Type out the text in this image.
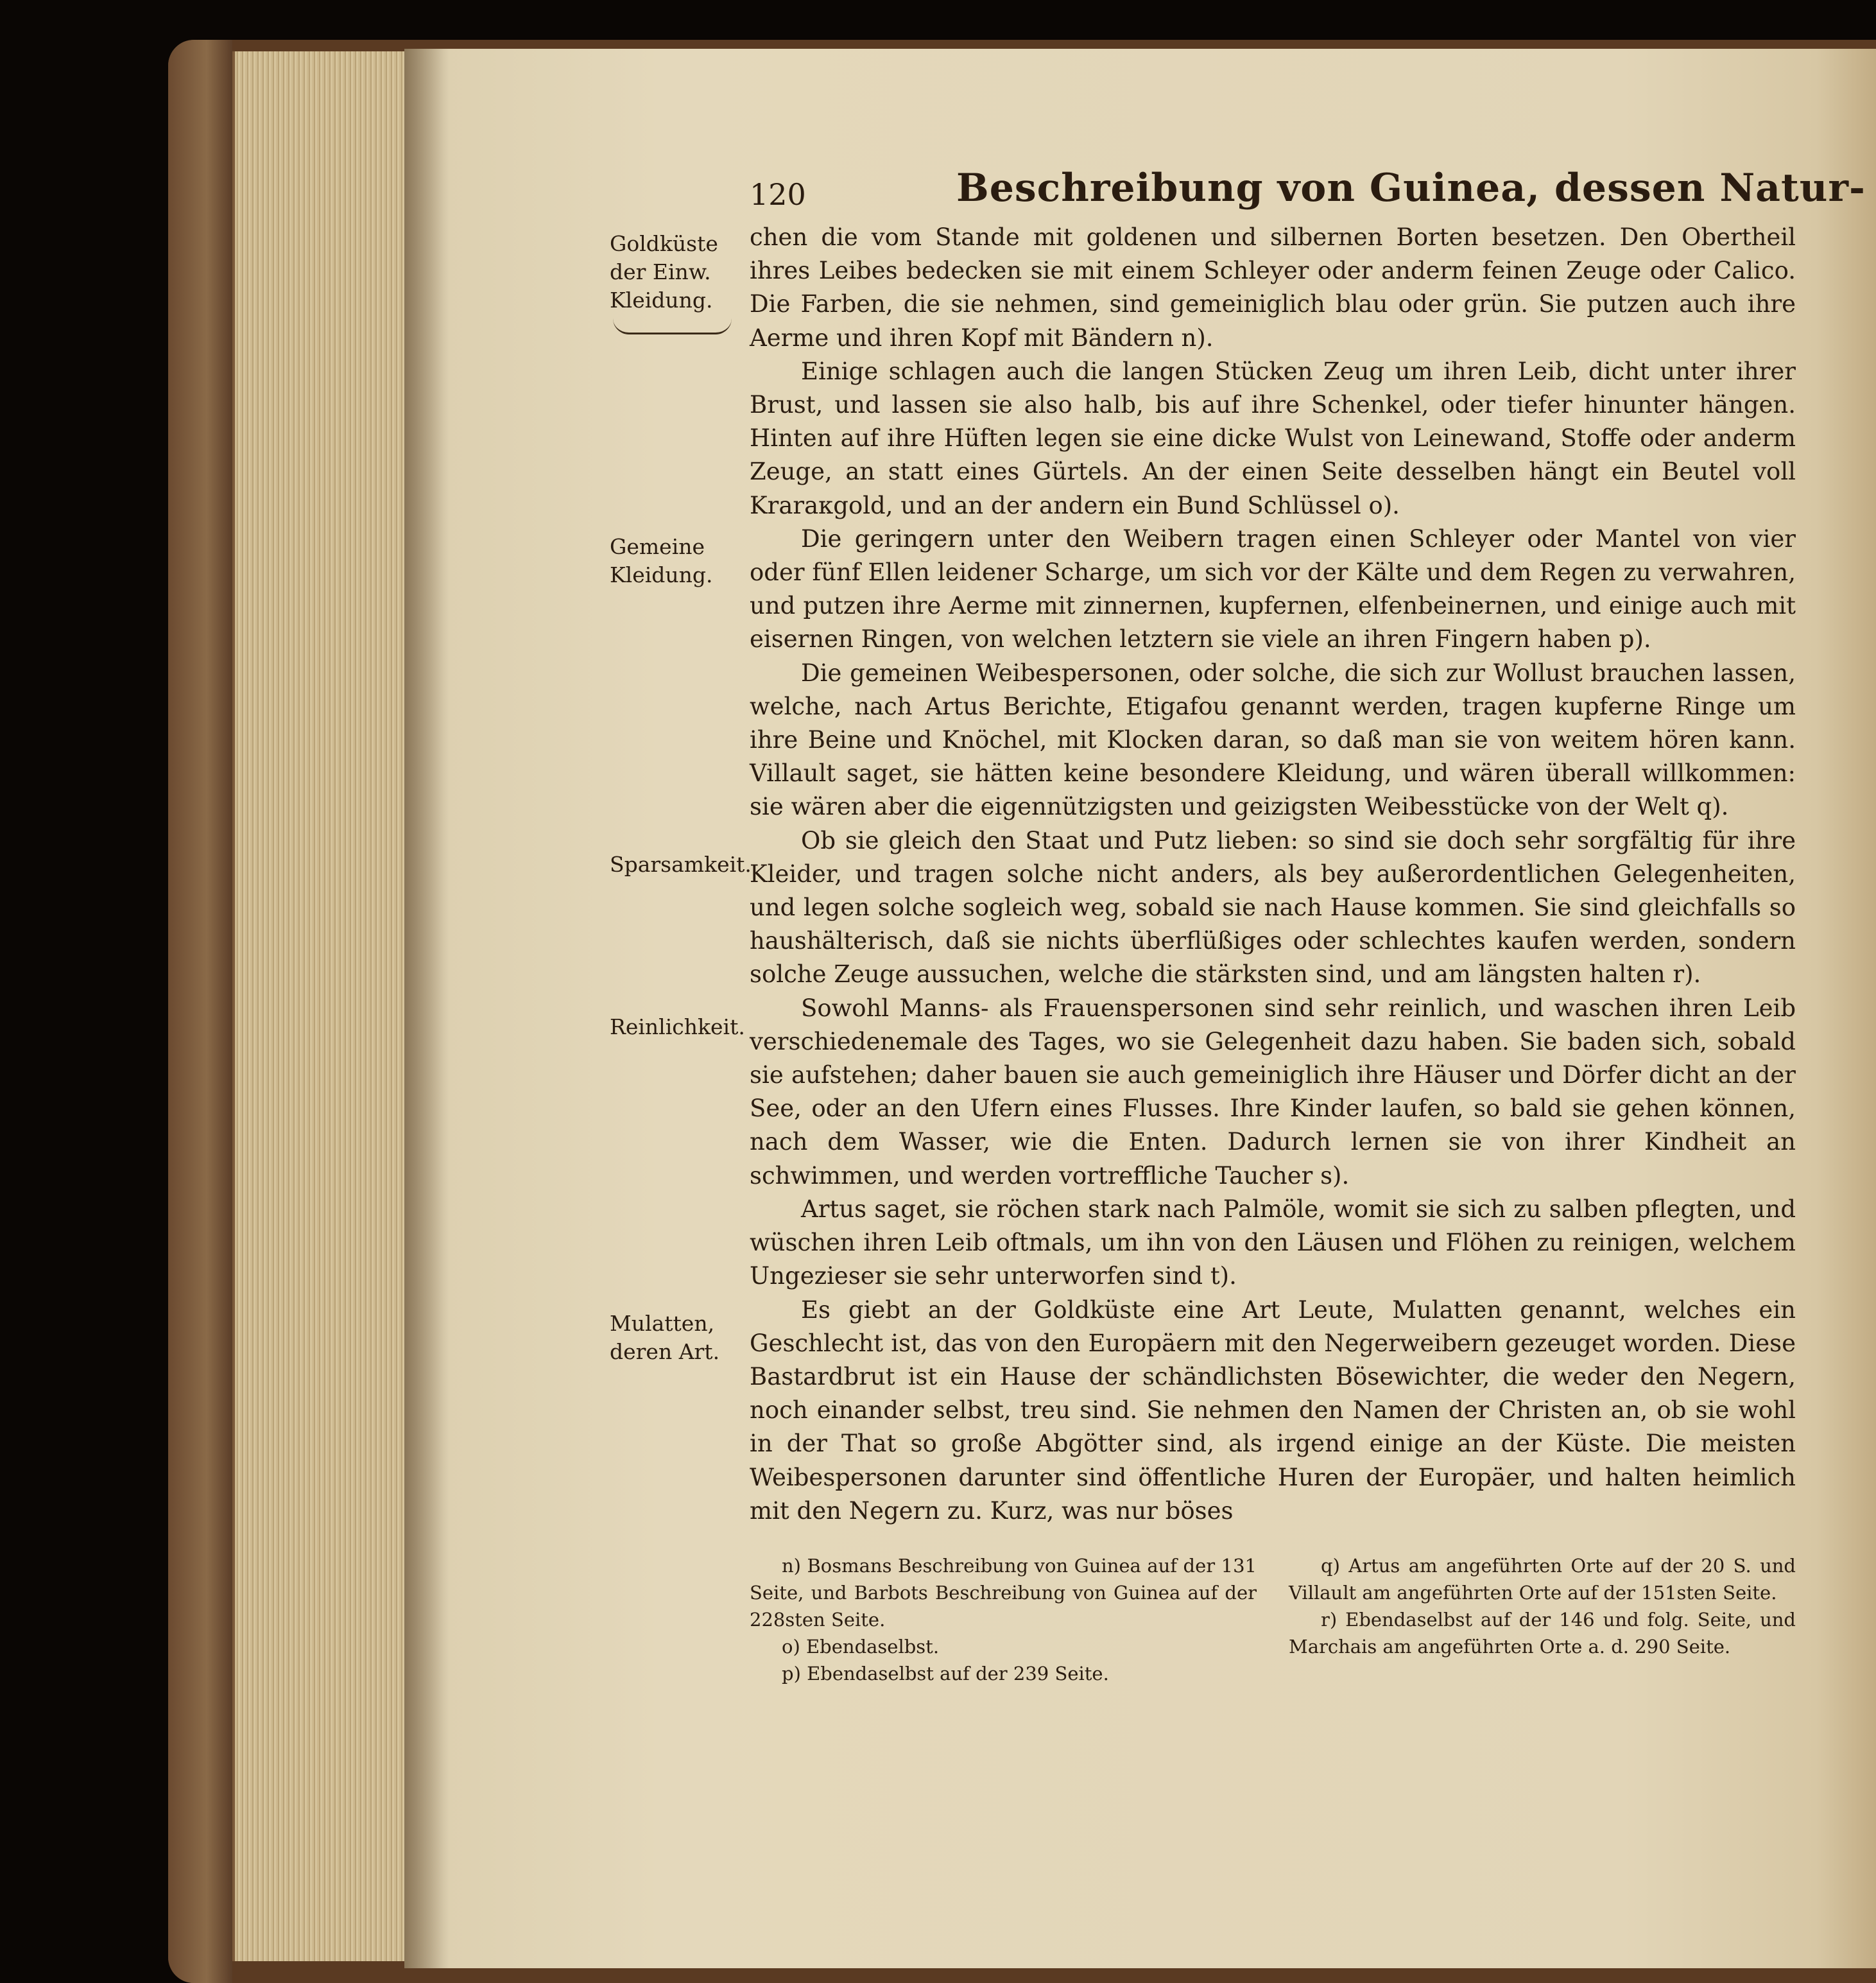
120	Beschreibung von Guinea, dessen Natur-
Goldküste der Einw. Kleidung.
Gemeine Kleidung.
Sparsamkeit.
Reinlichkeit.
Mulatten, deren Art.

chen die vom Stande mit goldenen und silbernen Borten besetzen. Den Obertheil ihres Leibes bedecken sie mit einem Schleyer oder anderm feinen Zeuge oder Calico. Die Farben, die sie nehmen, sind gemeiniglich blau oder grün. Sie putzen auch ihre Aerme und ihren Kopf mit Bändern n).

Einige schlagen auch die langen Stücken Zeug um ihren Leib, dicht unter ihrer Brust, und lassen sie also halb, bis auf ihre Schenkel, oder tiefer hinunter hängen. Hinten auf ihre Hüften legen sie eine dicke Wulst von Leinewand, Stoffe oder anderm Zeuge, an statt eines Gürtels. An der einen Seite desselben hängt ein Beutel voll Kraraкgold, und an der andern ein Bund Schlüssel o).

Die geringern unter den Weibern tragen einen Schleyer oder Mantel von vier oder fünf Ellen leidener Scharge, um sich vor der Kälte und dem Regen zu verwahren, und putzen ihre Aerme mit zinnernen, kupfernen, elfenbeinernen, und einige auch mit eisernen Ringen, von welchen letztern sie viele an ihren Fingern haben p).

Die gemeinen Weibespersonen, oder solche, die sich zur Wollust brauchen lassen, welche, nach Artus Berichte, Etigafou genannt werden, tragen kupferne Ringe um ihre Beine und Knöchel, mit Klocken daran, so daß man sie von weitem hören kann. Villault saget, sie hätten keine besondere Kleidung, und wären überall willkommen: sie wären aber die eigennützigsten und geizigsten Weibesstücke von der Welt q).

Ob sie gleich den Staat und Putz lieben: so sind sie doch sehr sorgfältig für ihre Kleider, und tragen solche nicht anders, als bey außerordentlichen Gelegenheiten, und legen solche sogleich weg, sobald sie nach Hause kommen. Sie sind gleichfalls so haushälterisch, daß sie nichts überflüßiges oder schlechtes kaufen werden, sondern solche Zeuge aussuchen, welche die stärksten sind, und am längsten halten r).

Sowohl Manns- als Frauenspersonen sind sehr reinlich, und waschen ihren Leib verschiedenemale des Tages, wo sie Gelegenheit dazu haben. Sie baden sich, sobald sie aufstehen; daher bauen sie auch gemeiniglich ihre Häuser und Dörfer dicht an der See, oder an den Ufern eines Flusses. Ihre Kinder laufen, so bald sie gehen können, nach dem Wasser, wie die Enten. Dadurch lernen sie von ihrer Kindheit an schwimmen, und werden vortreffliche Taucher s).

Artus saget, sie röchen stark nach Palmöle, womit sie sich zu salben pflegten, und wüschen ihren Leib oftmals, um ihn von den Läusen und Flöhen zu reinigen, welchem Ungezieser sie sehr unterworfen sind t).

Es giebt an der Goldküste eine Art Leute, Mulatten genannt, welches ein Geschlecht ist, das von den Europäern mit den Negerweibern gezeuget worden. Diese Bastardbrut ist ein Hause der schändlichsten Bösewichter, die weder den Negern, noch einander selbst, treu sind. Sie nehmen den Namen der Christen an, ob sie wohl in der That so große Abgötter sind, als irgend einige an der Küste. Die meisten Weibespersonen darunter sind öffentliche Huren der Europäer, und halten heimlich mit den Negern zu. Kurz, was nur böses

n) Bosmans Beschreibung von Guinea auf der 131 Seite, und Barbots Beschreibung von Guinea auf der 228sten Seite.

o) Ebendaselbst.

p) Ebendaselbst auf der 239 Seite.

q) Artus am angeführten Orte auf der 20 S. und Villault am angeführten Orte auf der 151sten Seite.

r) Ebendaselbst auf der 146 und folg. Seite, und Marchais am angeführten Orte a. d. 290 Seite.
